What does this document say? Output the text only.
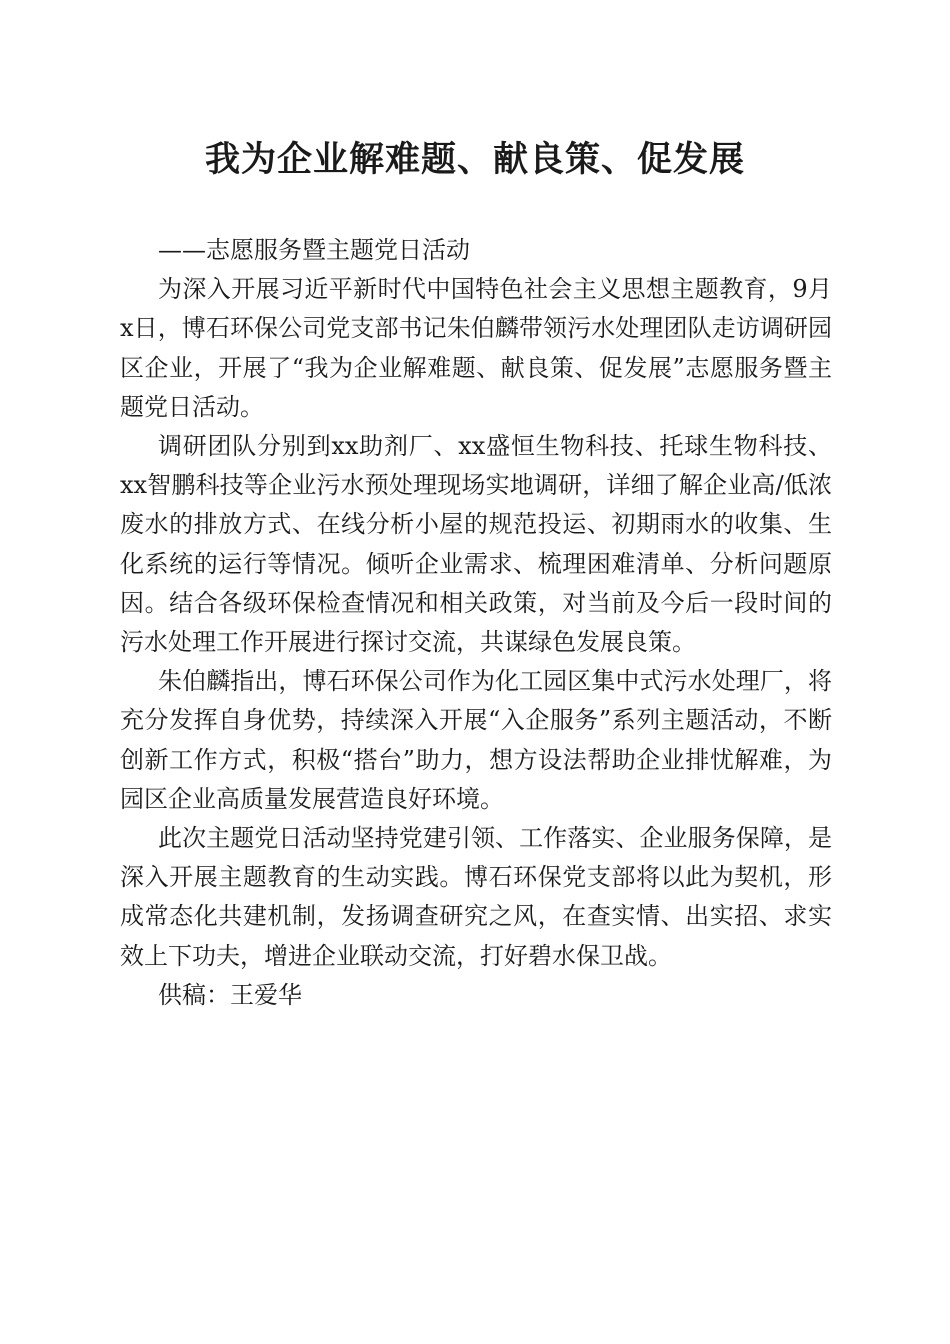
我为企业解难题、献良策、促发展

——志愿服务暨主题党日活动

为深入开展习近平新时代中国特色社会主义思想主题教育，9月x日，博石环保公司党支部书记朱伯麟带领污水处理团队走访调研园区企业，开展了“我为企业解难题、献良策、促发展”志愿服务暨主题党日活动。

调研团队分别到xx助剂厂、xx盛恒生物科技、托球生物科技、xx智鹏科技等企业污水预处理现场实地调研，详细了解企业高/低浓废水的排放方式、在线分析小屋的规范投运、初期雨水的收集、生化系统的运行等情况。倾听企业需求、梳理困难清单、分析问题原因。结合各级环保检查情况和相关政策，对当前及今后一段时间的污水处理工作开展进行探讨交流，共谋绿色发展良策。

朱伯麟指出，博石环保公司作为化工园区集中式污水处理厂，将充分发挥自身优势，持续深入开展“入企服务”系列主题活动，不断创新工作方式，积极“搭台”助力，想方设法帮助企业排忧解难，为园区企业高质量发展营造良好环境。

此次主题党日活动坚持党建引领、工作落实、企业服务保障，是深入开展主题教育的生动实践。博石环保党支部将以此为契机，形成常态化共建机制，发扬调查研究之风，在查实情、出实招、求实效上下功夫，增进企业联动交流，打好碧水保卫战。

供稿：王爱华
